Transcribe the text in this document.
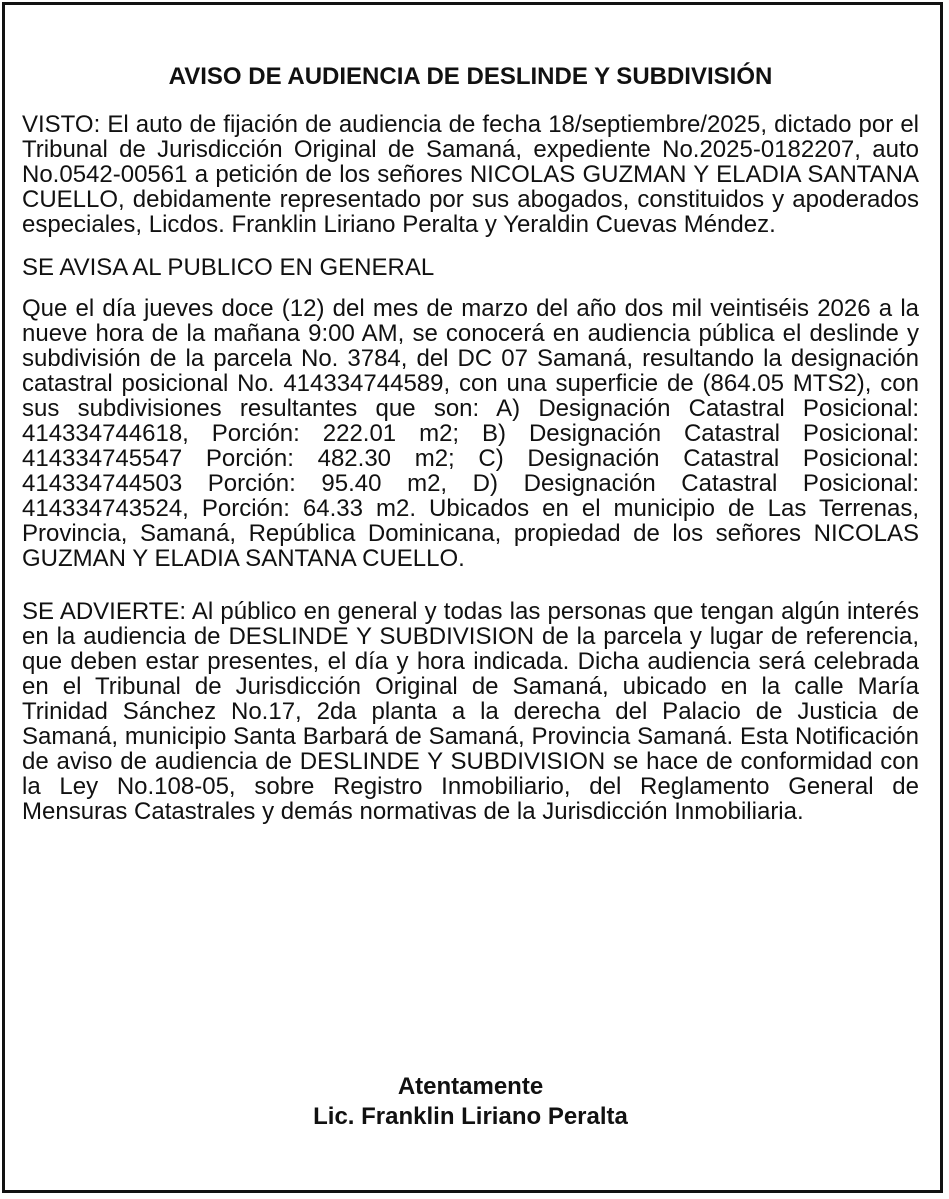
AVISO DE AUDIENCIA DE DESLINDE Y SUBDIVISIÓN
VISTO: El auto de fijación de audiencia de fecha 18/septiembre/2025, dictado por el Tribunal de Jurisdicción Original de Samaná, expediente No.2025-0182207, auto No.0542-00561 a petición de los señores NICOLAS GUZMAN Y ELADIA SANTANA CUELLO, debidamente representado por sus abogados, constituidos y apoderados especiales, Licdos. Franklin Liriano Peralta y Yeraldin Cuevas Méndez.
SE AVISA AL PUBLICO EN GENERAL
Que el día jueves doce (12) del mes de marzo del año dos mil veintiséis 2026 a la nueve hora de la mañana 9:00 AM, se conocerá en audiencia pública el deslinde y subdivisión de la parcela No. 3784, del DC 07 Samaná, resultando la designación catastral posicional No. 414334744589, con una superficie de (864.05 MTS2), con sus subdivisiones resultantes que son: A) Designación Catastral Posicional: 414334744618, Porción: 222.01 m2; B) Designación Catastral Posicional: 414334745547 Porción: 482.30 m2; C) Designación Catastral Posicional: 414334744503 Porción: 95.40 m2, D) Designación Catastral Posicional: 414334743524, Porción: 64.33 m2. Ubicados en el municipio de Las Terrenas, Provincia, Samaná, República Dominicana, propiedad de los señores NICOLAS GUZMAN Y ELADIA SANTANA CUELLO.
SE ADVIERTE: Al público en general y todas las personas que tengan algún interés en la audiencia de DESLINDE Y SUBDIVISION de la parcela y lugar de referencia, que deben estar presentes, el día y hora indicada. Dicha audiencia será celebrada en el Tribunal de Jurisdicción Original de Samaná, ubicado en la calle María Trinidad Sánchez No.17, 2da planta a la derecha del Palacio de Justicia de Samaná, municipio Santa Barbará de Samaná, Provincia Samaná. Esta Notificación de aviso de audiencia de DESLINDE Y SUBDIVISION se hace de conformidad con la Ley No.108-05, sobre Registro Inmobiliario, del Reglamento General de Mensuras Catastrales y demás normativas de la Jurisdicción Inmobiliaria.
Atentamente
Lic. Franklin Liriano Peralta
